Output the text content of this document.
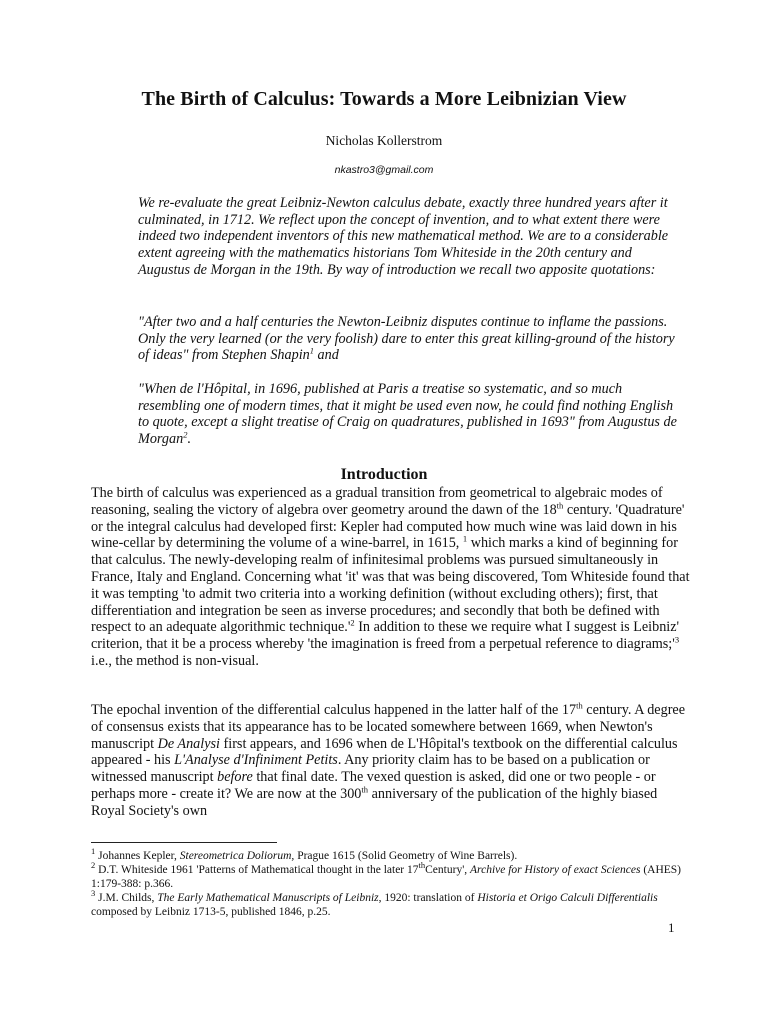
The Birth of Calculus: Towards a More Leibnizian View
Nicholas Kollerstrom
nkastro3@gmail.com

We re-evaluate the great Leibniz-Newton calculus debate, exactly three hundred years after it culminated, in 1712. We reflect upon the concept of invention, and to what extent there were indeed two independent inventors of this new mathematical method. We are to a considerable extent agreeing with the mathematics historians Tom Whiteside in the 20th century and Augustus de Morgan in the 19th. By way of introduction we recall two apposite quotations:

"After two and a half centuries the Newton-Leibniz disputes continue to inflame the passions. Only the very learned (or the very foolish) dare to enter this great killing-ground of the history of ideas" from Stephen Shapin$^1$ and

"When de l'Hôpital, in 1696, published at Paris a treatise so systematic, and so much resembling one of modern times, that it might be used even now, he could find nothing English to quote, except a slight treatise of Craig on quadratures, published in 1693" from Augustus de Morgan$^2$.

Introduction

The birth of calculus was experienced as a gradual transition from geometrical to algebraic modes of reasoning, sealing the victory of algebra over geometry around the dawn of the 18th century. 'Quadrature' or the integral calculus had developed first: Kepler had computed how much wine was laid down in his wine-cellar by determining the volume of a wine-barrel, in 1615, $^1$ which marks a kind of beginning for that calculus. The newly-developing realm of infinitesimal problems was pursued simultaneously in France, Italy and England. Concerning what 'it' was that was being discovered, Tom Whiteside found that it was tempting 'to admit two criteria into a working definition (without excluding others); first, that differentiation and integration be seen as inverse procedures; and secondly that both be defined with respect to an adequate algorithmic $technique.'^2$ In addition to these we require what I suggest is Leibniz' criterion, that it be a process whereby 'the imagination is freed from a perpetual reference to $diagrams;'^3$ i.e., the method is non-visual.

The epochal invention of the differential calculus happened in the latter half of the 17th century. A degree of consensus exists that its appearance has to be located somewhere between 1669, when Newton's manuscript De Analysi first appears, and 1696 when de L'Hôpital's textbook on the differential calculus appeared - his L'Analyse d'Infiniment Petits. Any priority claim has to be based on a publication or witnessed manuscript before that final date. The vexed question is asked, did one or two people - or perhaps more - create it? We are now at the 300th anniversary of the publication of the highly biased Royal Society's own

$^1$ Johannes Kepler, Stereometrica Doliorum, Prague 1615 (Solid Geometry of Wine Barrels).

$^2$ D.T. Whiteside 1961 'Patterns of Mathematical thought in the later 17thCentury', Archive for History of exact Sciences (AHES) 1:179-388: p.366.

$^3$ J.M. Childs, The Early Mathematical Manuscripts of Leibniz, 1920: translation of Historia et Origo Calculi Differentialis composed by Leibniz 1713-5, published 1846, p.25.

1
